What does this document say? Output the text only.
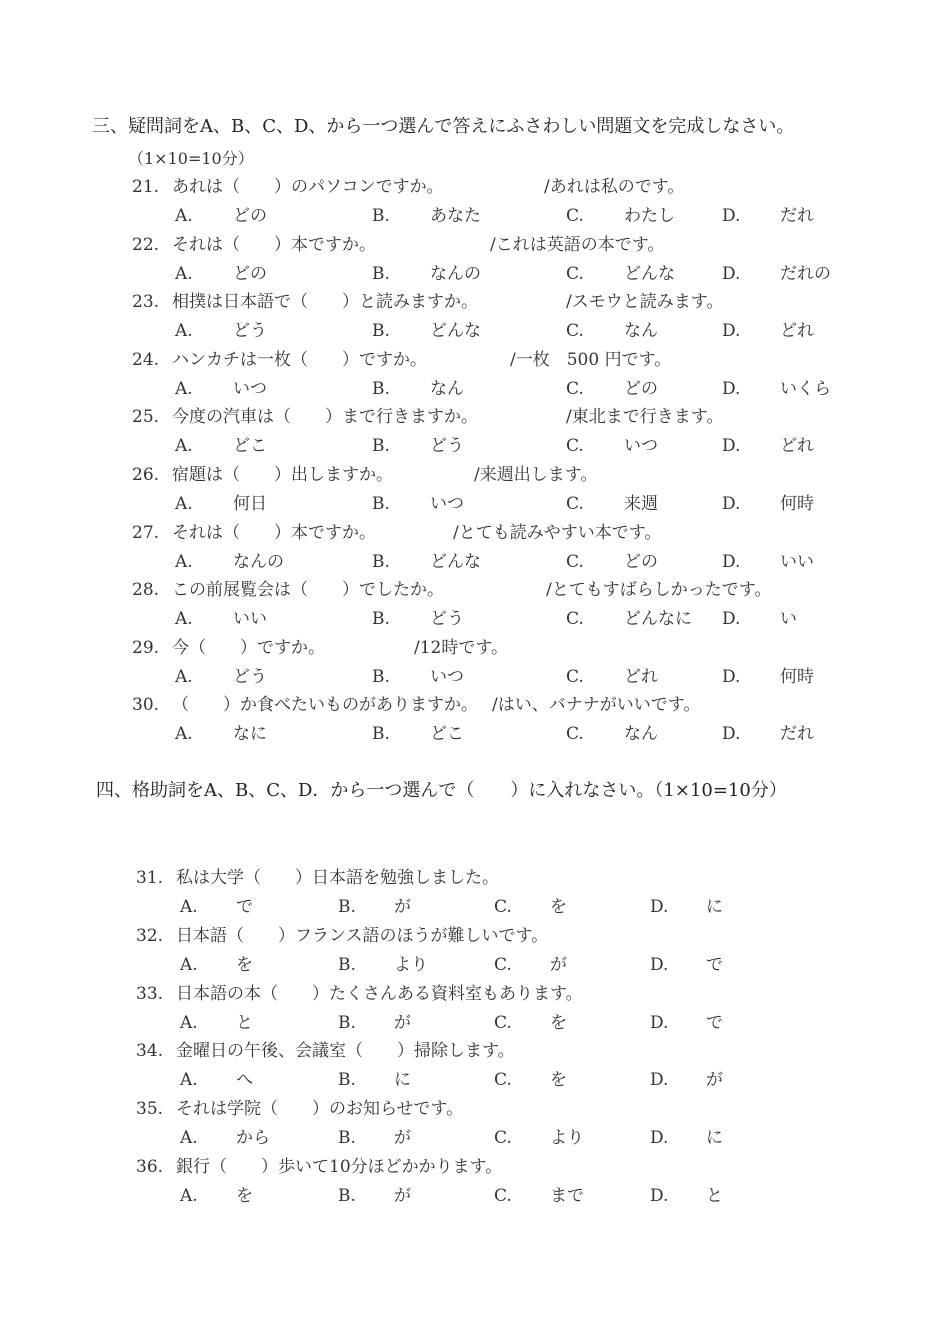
三、疑問詞をA、B、C、D、から一つ選んで答えにふさわしい問題文を完成しなさい。
（1×10=10分）
21. あれは（　　）のパソコンですか。	/あれは私のです。
A. どの	B. あなた	C. わたし	D. だれ
22. それは（　　）本ですか。	/これは英語の本です。
A. どの	B. なんの	C. どんな	D. だれの
23. 相撲は日本語で（　　）と読みますか。	/スモウと読みます。
A. どう	B. どんな	C. なん	D. どれ
24. ハンカチは一枚（　　）ですか。	/一枚　500 円です。
A. いつ	B. なん	C. どの	D. いくら
25. 今度の汽車は（　　）まで行きますか。	/東北まで行きます。
A. どこ	B. どう	C. いつ	D. どれ
26. 宿題は（　　）出しますか。	/来週出します。
A. 何日	B. いつ	C. 来週	D. 何時
27. それは（　　）本ですか。	/とても読みやすい本です。
A. なんの	B. どんな	C. どの	D. いい
28. この前展覧会は（　　）でしたか。	/とてもすばらしかったです。
A. いい	B. どう	C. どんなに D. い
29. 今（　　）ですか。	/12時です。
A. どう	B. いつ	C. どれ	D. 何時
30. （　　）か食べたいものがありますか。 /はい、バナナがいいです。
A. なに	B. どこ	C. なん	D. だれ
四、格助詞をA、B、C、D．から一つ選んで（　　）に入れなさい。（1×10=10分）
31. 私は大学（　　）日本語を勉強しました。
A. で	B. が	C. を	D. に
32. 日本語（　　）フランス語のほうが難しいです。
A. を	B. より	C. が	D. で
33. 日本語の本（　　）たくさんある資料室もあります。
A. と	B. が	C. を	D. で
34. 金曜日の午後、会議室（　　）掃除します。
A. へ	B. に	C. を	D. が
35. それは学院（　　）のお知らせです。
A. から	B. が	C. より	D. に
36. 銀行（　　）歩いて10分ほどかかります。
A. を	B. が	C. まで	D. と
